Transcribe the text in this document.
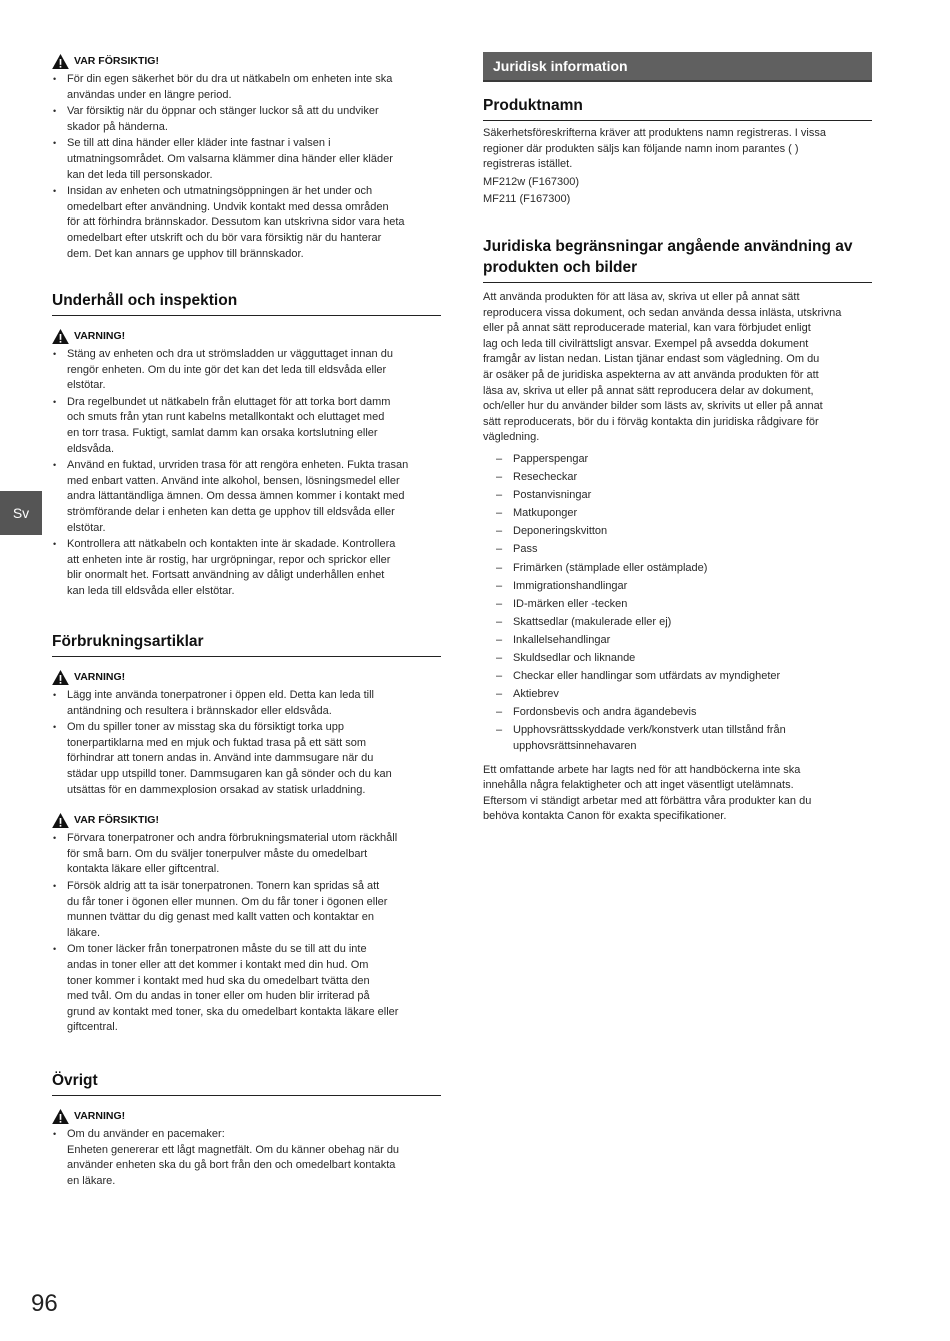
VAR FÖRSIKTIG!
• För din egen säkerhet bör du dra ut nätkabeln om enheten inte ska
användas under en längre period.
• Var försiktig när du öppnar och stänger luckor så att du undviker
skador på händerna.
• Se till att dina händer eller kläder inte fastnar i valsen i
utmatningsområdet. Om valsarna klämmer dina händer eller kläder
kan det leda till personskador.
• Insidan av enheten och utmatningsöppningen är het under och
omedelbart efter användning. Undvik kontakt med dessa områden
för att förhindra brännskador. Dessutom kan utskrivna sidor vara heta
omedelbart efter utskrift och du bör vara försiktig när du hanterar
dem. Det kan annars ge upphov till brännskador.
Underhåll och inspektion
VARNING!
• Stäng av enheten och dra ut strömsladden ur vägguttaget innan du
rengör enheten. Om du inte gör det kan det leda till eldsvåda eller
elstötar.
• Dra regelbundet ut nätkabeln från eluttaget för att torka bort damm
och smuts från ytan runt kabelns metallkontakt och eluttaget med
en torr trasa. Fuktigt, samlat damm kan orsaka kortslutning eller
eldsvåda.
• Använd en fuktad, urvriden trasa för att rengöra enheten. Fukta trasan
med enbart vatten. Använd inte alkohol, bensen, lösningsmedel eller
andra lättantändliga ämnen. Om dessa ämnen kommer i kontakt med
strömförande delar i enheten kan detta ge upphov till eldsvåda eller
elstötar.
• Kontrollera att nätkabeln och kontakten inte är skadade. Kontrollera
att enheten inte är rostig, har urgröpningar, repor och sprickor eller
blir onormalt het. Fortsatt användning av dåligt underhållen enhet
kan leda till eldsvåda eller elstötar.
Förbrukningsartiklar
VARNING!
• Lägg inte använda tonerpatroner i öppen eld. Detta kan leda till
antändning och resultera i brännskador eller eldsvåda.
• Om du spiller toner av misstag ska du försiktigt torka upp
tonerpartiklarna med en mjuk och fuktad trasa på ett sätt som
förhindrar att tonern andas in. Använd inte dammsugare när du
städar upp utspilld toner. Dammsugaren kan gå sönder och du kan
utsättas för en dammexplosion orsakad av statisk urladdning.
VAR FÖRSIKTIG!
• Förvara tonerpatroner och andra förbrukningsmaterial utom räckhåll
för små barn. Om du sväljer tonerpulver måste du omedelbart
kontakta läkare eller giftcentral.
• Försök aldrig att ta isär tonerpatronen. Tonern kan spridas så att
du får toner i ögonen eller munnen. Om du får toner i ögonen eller
munnen tvättar du dig genast med kallt vatten och kontaktar en
läkare.
• Om toner läcker från tonerpatronen måste du se till att du inte
andas in toner eller att det kommer i kontakt med din hud. Om
toner kommer i kontakt med hud ska du omedelbart tvätta den
med tvål. Om du andas in toner eller om huden blir irriterad på
grund av kontakt med toner, ska du omedelbart kontakta läkare eller
giftcentral.
Övrigt
VARNING!
• Om du använder en pacemaker:
Enheten genererar ett lågt magnetfält. Om du känner obehag när du
använder enheten ska du gå bort från den och omedelbart kontakta
en läkare.
Juridisk information
Produktnamn

Säkerhetsföreskrifterna kräver att produktens namn registreras. I vissa
regioner där produkten säljs kan följande namn inom parantes ( )
registreras istället.

MF212w (F167300)

MF211 (F167300)

Juridiska begränsningar angående användning av produkten och bilder

Att använda produkten för att läsa av, skriva ut eller på annat sätt
reproducera vissa dokument, och sedan använda dessa inlästa, utskrivna
eller på annat sätt reproducerade material, kan vara förbjudet enligt
lag och leda till civilrättsligt ansvar. Exempel på avsedda dokument
framgår av listan nedan. Listan tjänar endast som vägledning. Om du
är osäker på de juridiska aspekterna av att använda produkten för att
läsa av, skriva ut eller på annat sätt reproducera delar av dokument,
och/eller hur du använder bilder som lästs av, skrivits ut eller på annat
sätt reproducerats, bör du i förväg kontakta din juridiska rådgivare för
vägledning.

– Papperspengar
– Resecheckar
– Postanvisningar
– Matkuponger
– Deponeringskvitton
– Pass
– Frimärken (stämplade eller ostämplade)
– Immigrationshandlingar
– ID-märken eller -tecken
– Skattsedlar (makulerade eller ej)
– Inkallelsehandlingar
– Skuldsedlar och liknande
– Checkar eller handlingar som utfärdats av myndigheter
– Aktiebrev
– Fordonsbevis och andra ägandebevis
– Upphovsrättsskyddade verk/konstverk utan tillstånd från
upphovsrättsinnehavaren

Ett omfattande arbete har lagts ned för att handböckerna inte ska
innehålla några felaktigheter och att inget väsentligt utelämnats.
Eftersom vi ständigt arbetar med att förbättra våra produkter kan du
behöva kontakta Canon för exakta specifikationer.

Sv
96
